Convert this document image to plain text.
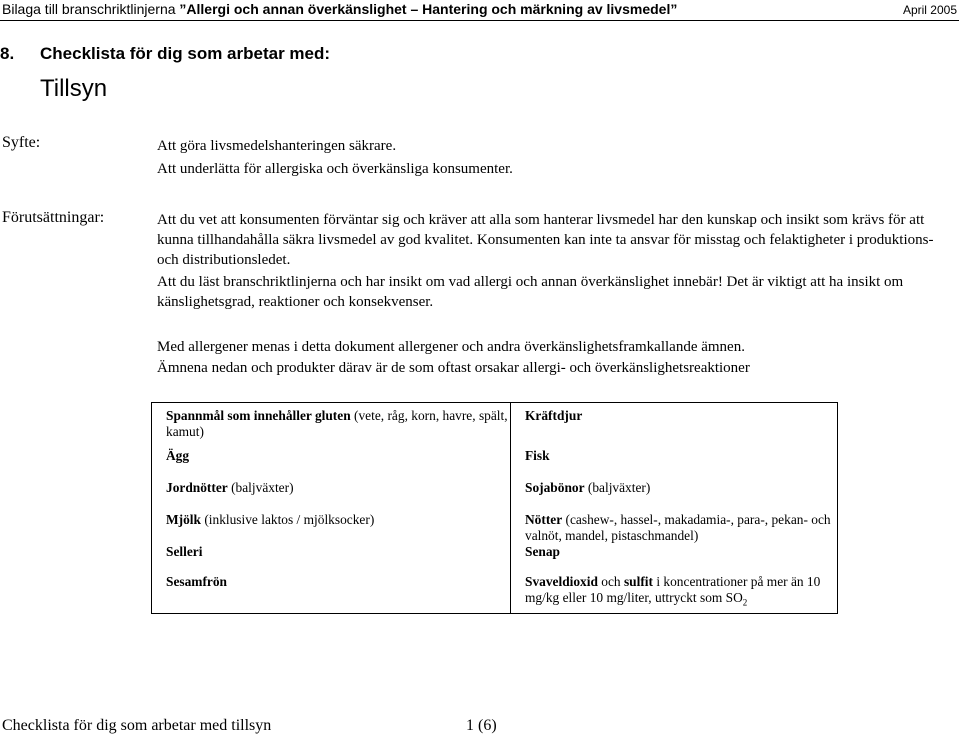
Bilaga till branschriktlinjerna ”Allergi och annan överkänslighet – Hantering och märkning av livsmedel”	April 2005
8. Checklista för dig som arbetar med:
Tillsyn
Syfte:	Att göra livsmedelshanteringen säkrare.
Att underlätta för allergiska och överkänsliga konsumenter.
Förutsättningar:	Att du vet att konsumenten förväntar sig och kräver att alla som hanterar livsmedel har den kunskap och insikt som krävs för att kunna tillhandahålla säkra livsmedel av god kvalitet. Konsumenten kan inte ta ansvar för misstag och felaktigheter i produktions- och distributionsledet.
Att du läst branschriktlinjerna och har insikt om vad allergi och annan överkänslighet innebär! Det är viktigt att ha insikt om känslighetsgrad, reaktioner och konsekvenser.
Med allergener menas i detta dokument allergener och andra överkänslighetsframkallande ämnen.
Ämnena nedan och produkter därav är de som oftast orsakar allergi- och överkänslighetsreaktioner
Spannmål som innehåller gluten (vete, råg, korn, havre, spält, kamut)	Kräftdjur
Ägg	Fisk
Jordnötter (baljväxter)	Sojabönor (baljväxter)
Mjölk (inklusive laktos / mjölksocker)	Nötter (cashew-, hassel-, makadamia-, para-, pekan- och valnöt, mandel, pistaschmandel)
Selleri	Senap
Sesamfrön	Svaveldioxid och sulfit i koncentrationer på mer än 10 mg/kg eller 10 mg/liter, uttryckt som $SO_2$
Checklista för dig som arbetar med tillsyn	1 (6)
